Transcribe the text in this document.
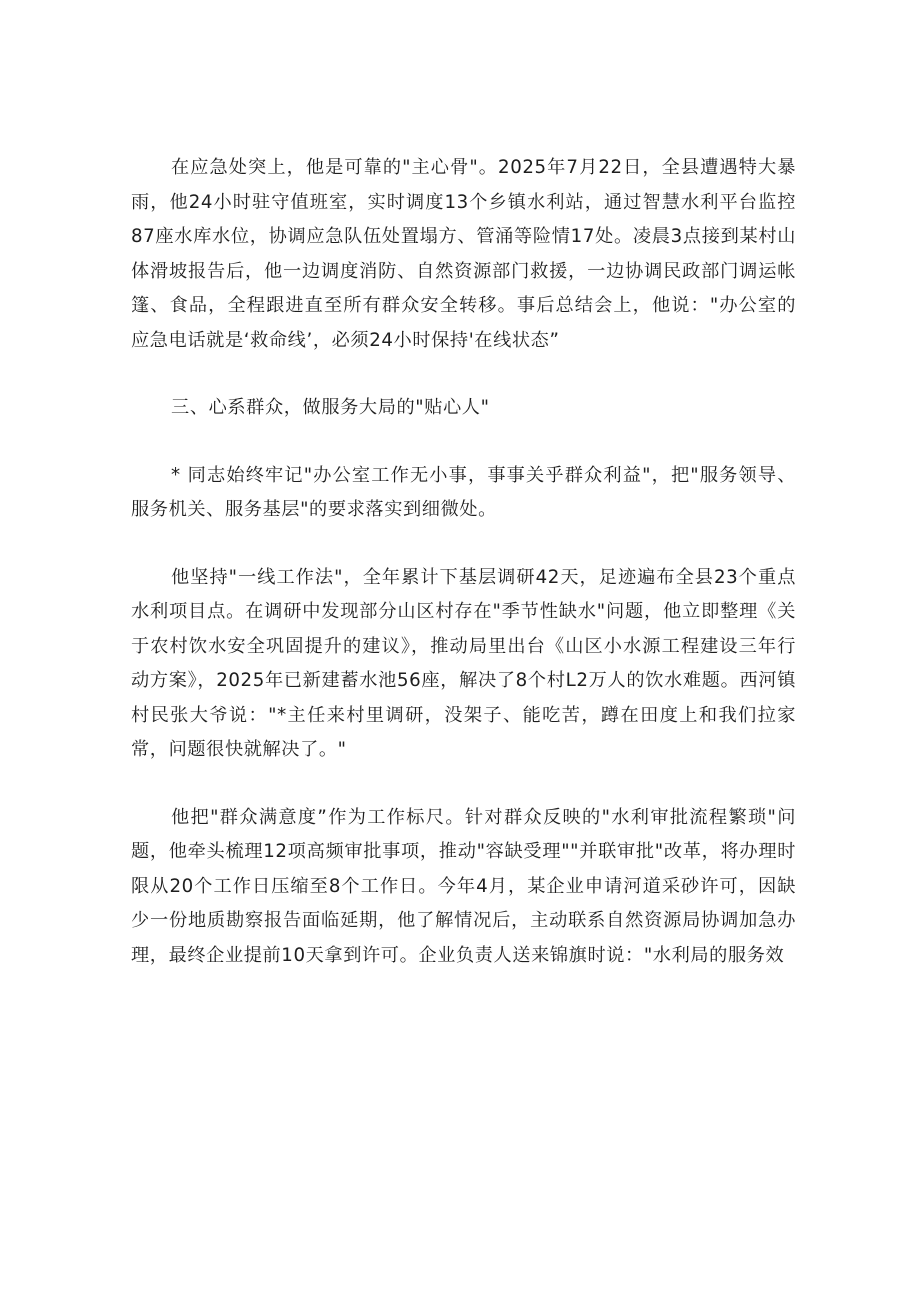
在应急处突上，他是可靠的"主心骨"。2025年7月22日，全县遭遇特大暴雨，他24小时驻守值班室，实时调度13个乡镇水利站，通过智慧水利平台监控87座水库水位，协调应急队伍处置塌方、管涌等险情17处。凌晨3点接到某村山体滑坡报告后，他一边调度消防、自然资源部门救援，一边协调民政部门调运帐篷、食品，全程跟进直至所有群众安全转移。事后总结会上，他说："办公室的应急电话就是‘救命线’，必须24小时保持'在线状态”

三、心系群众，做服务大局的"贴心人"

* 同志始终牢记"办公室工作无小事，事事关乎群众利益"，把"服务领导、服务机关、服务基层"的要求落实到细微处。

他坚持"一线工作法"，全年累计下基层调研42天，足迹遍布全县23个重点水利项目点。在调研中发现部分山区村存在"季节性缺水"问题，他立即整理《关于农村饮水安全巩固提升的建议》，推动局里出台《山区小水源工程建设三年行动方案》，2025年已新建蓄水池56座，解决了8个村L2万人的饮水难题。西河镇村民张大爷说："*主任来村里调研，没架子、能吃苦，蹲在田度上和我们拉家常，问题很快就解决了。"

他把"群众满意度”作为工作标尺。针对群众反映的"水利审批流程繁琐"问题，他牵头梳理12项高频审批事项，推动"容缺受理""并联审批"改革，将办理时限从20个工作日压缩至8个工作日。今年4月，某企业申请河道采砂许可，因缺少一份地质勘察报告面临延期，他了解情况后，主动联系自然资源局协调加急办理，最终企业提前10天拿到许可。企业负责人送来锦旗时说："水利局的服务效
